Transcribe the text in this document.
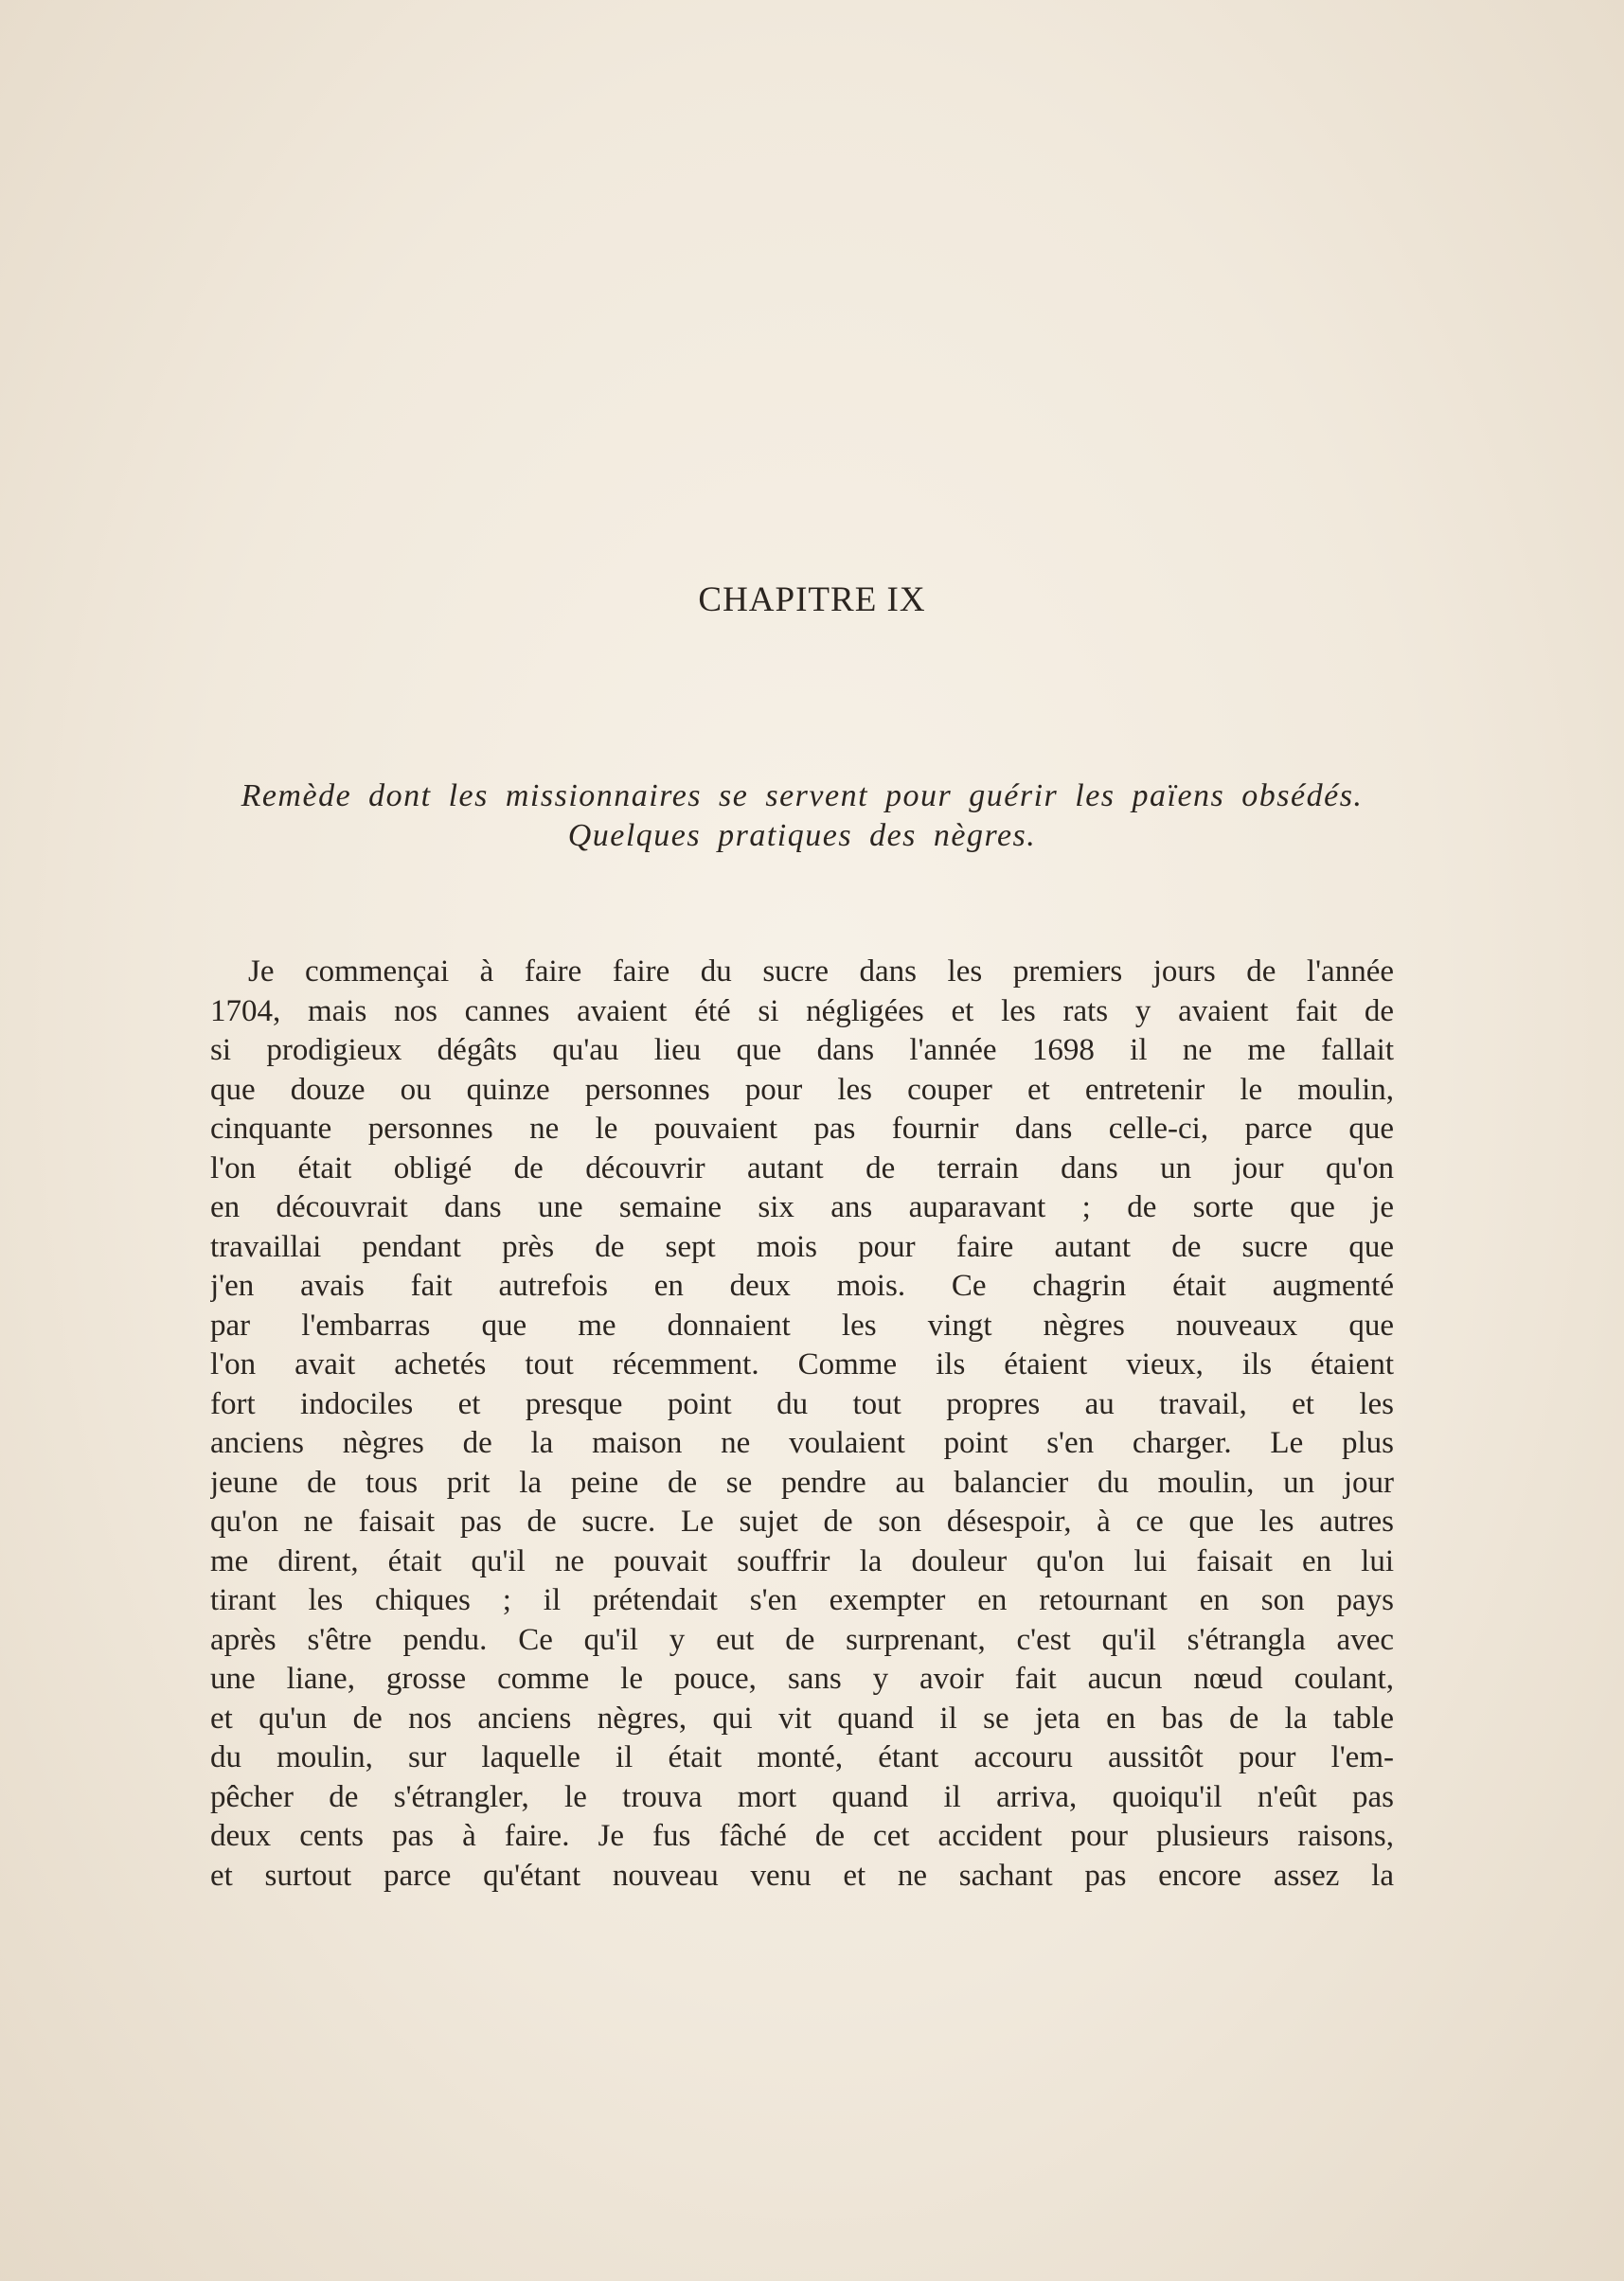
CHAPITRE IX
Remède dont les missionnaires se servent pour guérir les païens obsédés.
Quelques pratiques des nègres.
Je commençai à faire faire du sucre dans les premiers jours de l'année
1704, mais nos cannes avaient été si négligées et les rats y avaient fait de
si prodigieux dégâts qu'au lieu que dans l'année 1698 il ne me fallait
que douze ou quinze personnes pour les couper et entretenir le moulin,
cinquante personnes ne le pouvaient pas fournir dans celle-ci, parce que
l'on était obligé de découvrir autant de terrain dans un jour qu'on
en découvrait dans une semaine six ans auparavant ; de sorte que je
travaillai pendant près de sept mois pour faire autant de sucre que
j'en avais fait autrefois en deux mois. Ce chagrin était augmenté
par l'embarras que me donnaient les vingt nègres nouveaux que
l'on avait achetés tout récemment. Comme ils étaient vieux, ils étaient
fort indociles et presque point du tout propres au travail, et les
anciens nègres de la maison ne voulaient point s'en charger. Le plus
jeune de tous prit la peine de se pendre au balancier du moulin, un jour
qu'on ne faisait pas de sucre. Le sujet de son désespoir, à ce que les autres
me dirent, était qu'il ne pouvait souffrir la douleur qu'on lui faisait en lui
tirant les chiques ; il prétendait s'en exempter en retournant en son pays
après s'être pendu. Ce qu'il y eut de surprenant, c'est qu'il s'étrangla avec
une liane, grosse comme le pouce, sans y avoir fait aucun nœud coulant,
et qu'un de nos anciens nègres, qui vit quand il se jeta en bas de la table
du moulin, sur laquelle il était monté, étant accouru aussitôt pour l'em-
pêcher de s'étrangler, le trouva mort quand il arriva, quoiqu'il n'eût pas
deux cents pas à faire. Je fus fâché de cet accident pour plusieurs raisons,
et surtout parce qu'étant nouveau venu et ne sachant pas encore assez la
